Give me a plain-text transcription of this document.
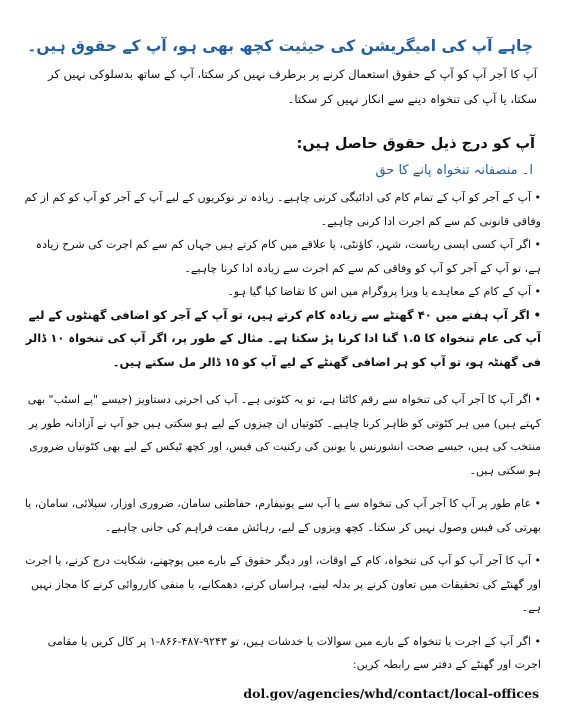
چاہے آپ کی امیگریشن کی حیثیت کچھ بھی ہو، آپ کے حقوق ہیں۔
آپ کا آجر آپ کو آپ کے حقوق استعمال کرنے پر برطرف نہیں کر سکتا، آپ کے ساتھ بدسلوکی نہیں کر سکتا، یا آپ کی تنخواہ دینے سے انکار نہیں کر سکتا۔
آپ کو درج ذیل حقوق حاصل ہیں:
ا۔ منصفانہ تنخواہ پانے کا حق

• آپ کے آجر کو آپ کے تمام کام کی ادائیگی کرنی چاہیے۔ زیادہ تر نوکریوں کے لیے آپ کے آجر کو آپ کو کم از کم وفاقی قانونی کم سے کم اجرت ادا کرنی چاہیے۔

• اگر آپ کسی ایسی ریاست، شہر، کاؤنٹی، یا علاقے میں کام کرتے ہیں جہاں کم سے کم اجرت کی شرح زیادہ ہے، تو آپ کے آجر کو آپ کو وفاقی کم سے کم اجرت سے زیادہ ادا کرنا چاہیے۔

• آپ کے کام کے معاہدے یا ویزا پروگرام میں اس کا تقاضا کیا گیا ہو۔

• اگر آپ ہفتے میں ۴۰ گھنٹے سے زیادہ کام کرتے ہیں، تو آپ کے آجر کو اضافی گھنٹوں کے لیے آپ کی عام تنخواہ کا ۱.۵ گنا ادا کرنا پڑ سکتا ہے۔ مثال کے طور پر، اگر آپ کی تنخواہ ۱۰ ڈالر فی گھنٹہ ہو، تو آپ کو ہر اضافی گھنٹے کے لیے آپ کو ۱۵ ڈالر مل سکتے ہیں۔

• اگر آپ کا آجر آپ کی تنخواہ سے رقم کاٹتا ہے، تو یہ کٹوتی ہے۔ آپ کی اجرتی دستاویز (جیسے "پے اسٹب" بھی کہتے ہیں) میں ہر کٹوتی کو ظاہر کرنا چاہیے۔ کٹوتیاں ان چیزوں کے لیے ہو سکتی ہیں جو آپ نے آزادانہ طور پر منتخب کی ہیں، جیسے صحت انشورنس یا یونین کی رکنیت کی فیس، اور کچھ ٹیکس کے لیے بھی کٹوتیاں ضروری ہو سکتی ہیں۔

• عام طور پر آپ کا آجر آپ کی تنخواہ سے یا آپ سے یونیفارم، حفاظتی سامان، ضروری اوزار، سپلائی، سامان، یا بھرتی کی فیس وصول نہیں کر سکتا۔ کچھ ویزوں کے لیے، رہائش مفت فراہم کی جانی چاہیے۔

• آپ کا آجر آپ کو آپ کی تنخواہ، کام کے اوقات، اور دیگر حقوق کے بارے میں پوچھنے، شکایت درج کرنے، یا اجرت اور گھنٹے کی تحقیقات میں تعاون کرنے پر بدلہ لینے، ہراساں کرنے، دھمکانے، یا منفی کارروائی کرنے کا مجاز نہیں ہے۔

• اگر آپ کے اجرت یا تنخواہ کے بارے میں سوالات یا خدشات ہیں، تو ۹۲۴۳-۴۸۷-۸۶۶-۱ پر کال کریں یا مقامی اجرت اور گھنٹے کے دفتر سے رابطہ کریں:

dol.gov/agencies/whd/contact/local-offices
